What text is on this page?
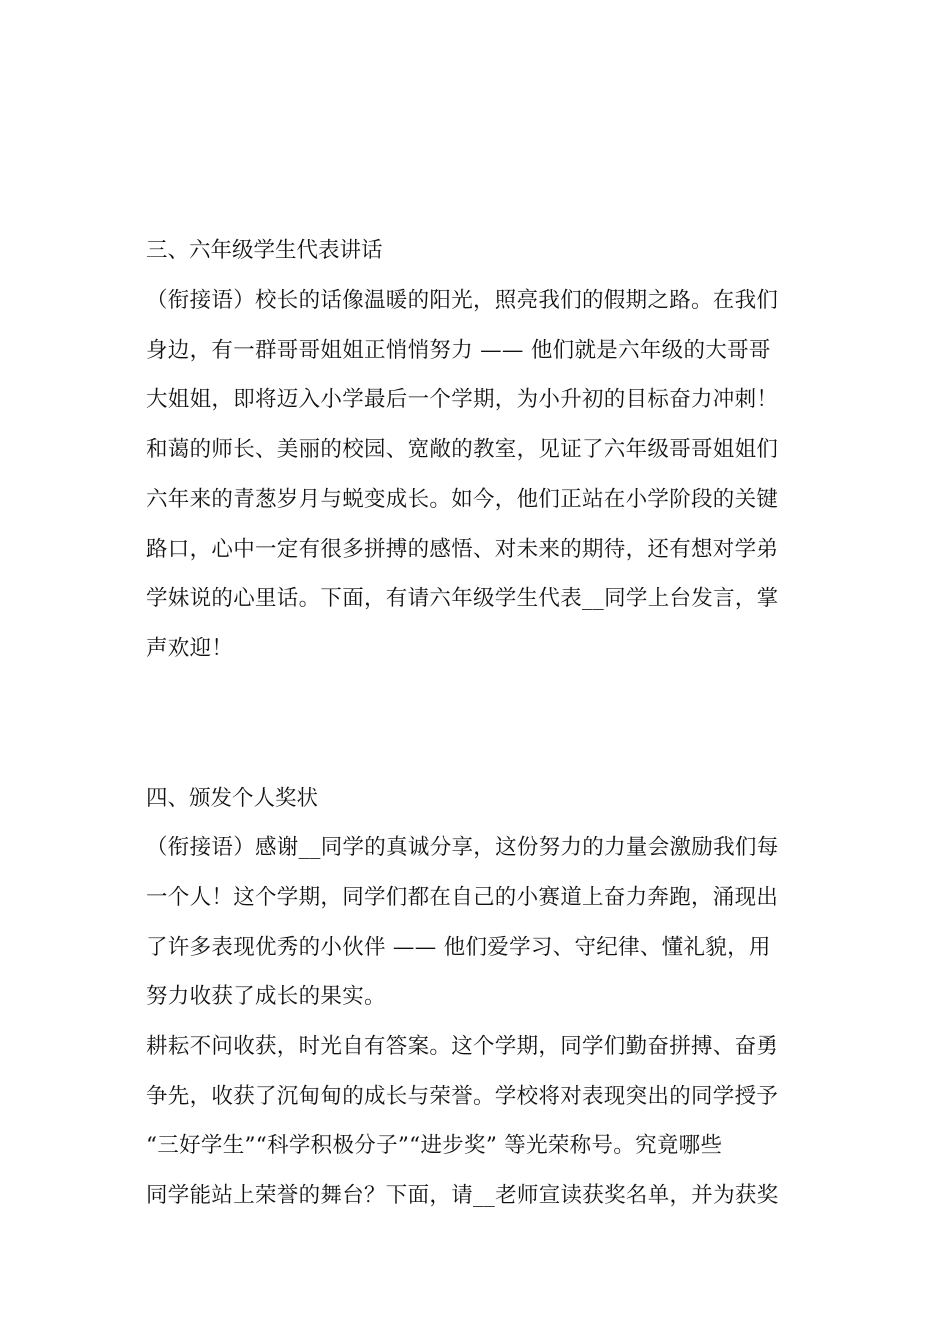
三、六年级学生代表讲话
（衔接语）校长的话像温暖的阳光，照亮我们的假期之路。在我们
身边，有一群哥哥姐姐正悄悄努力 —— 他们就是六年级的大哥哥
大姐姐，即将迈入小学最后一个学期，为小升初的目标奋力冲刺！
和蔼的师长、美丽的校园、宽敞的教室，见证了六年级哥哥姐姐们
六年来的青葱岁月与蜕变成长。如今，他们正站在小学阶段的关键
路口，心中一定有很多拼搏的感悟、对未来的期待，还有想对学弟
学妹说的心里话。下面，有请六年级学生代表__同学上台发言，掌
声欢迎！
四、颁发个人奖状
（衔接语）感谢__同学的真诚分享，这份努力的力量会激励我们每
一个人！这个学期，同学们都在自己的小赛道上奋力奔跑，涌现出
了许多表现优秀的小伙伴 —— 他们爱学习、守纪律、懂礼貌，用
努力收获了成长的果实。
耕耘不问收获，时光自有答案。这个学期，同学们勤奋拼搏、奋勇
争先，收获了沉甸甸的成长与荣誉。学校将对表现突出的同学授予
“三好学生”“科学积极分子”“进步奖” 等光荣称号。究竟哪些
同学能站上荣誉的舞台？下面，请__老师宣读获奖名单，并为获奖
